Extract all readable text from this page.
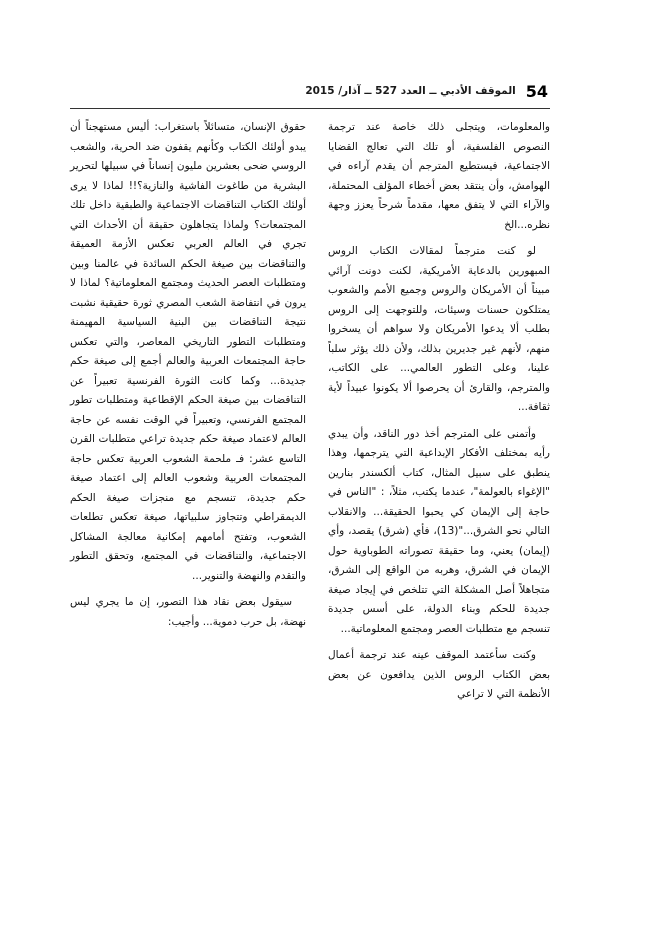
الموقف الأدبي ــ العدد 527 ــ آذار/ 2015 54

والمعلومات، ويتجلى ذلك خاصة عند ترجمة النصوص الفلسفية، أو تلك التي تعالج القضايا الاجتماعية، فيستطيع المترجم أن يقدم آراءه في الهوامش، وأن ينتقد بعض أخطاء المؤلف المحتملة، والآراء التي لا يتفق معها، مقدماً شرحاً يعزز وجهة نظره...الخ

لو كنت مترجماً لمقالات الكتاب الروس المبهورين بالدعاية الأمريكية، لكنت دونت آرائي مبيناً أن الأمريكان والروس وجميع الأمم والشعوب يمتلكون حسنات وسيئات، وللتوجهت إلى الروس بطلب ألا يدعوا الأمريكان ولا سواهم أن يسخروا منهم، لأنهم غير جديرين بذلك، ولأن ذلك يؤثر سلباً علينا، وعلى التطور العالمي... على الكاتب، والمترجم، والقارئ أن يحرصوا ألا يكونوا عبيداً لأية ثقافة...

وأتمنى على المترجم أخذ دور الناقد، وأن يبدي رأيه بمختلف الأفكار الإبداعية التي يترجمها، وهذا ينطبق على سبيل المثال، كتاب ألكسندر بنارين "الإغواء بالعولمة"، عندما يكتب، مثلاً، : "الناس في حاجة إلى الإيمان كي يحبوا الحقيقة... والانقلاب التالي نحو الشرق..."(13)، فأي (شرق) يقصد، وأي (إيمان) يعني، وما حقيقة تصوراته الطوباوية حول الإيمان في الشرق، وهربه من الواقع إلى الشرق، متجاهلاً أصل المشكلة التي تتلخص في إيجاد صيغة جديدة للحكم وبناء الدولة، على أسس جديدة تنسجم مع متطلبات العصر ومجتمع المعلوماتية...

وكنت سأعتمد الموقف عينه عند ترجمة أعمال بعض الكتاب الروس الذين يدافعون عن بعض الأنظمة التي لا تراعي

حقوق الإنسان، متسائلاً باستغراب: أليس مستهجناً أن يبدو أولئك الكتاب وكأنهم يقفون ضد الحرية، والشعب الروسي ضحى بعشرين مليون إنساناً في سبيلها لتحرير البشرية من طاغوت الفاشية والنازية؟!! لماذا لا يرى أولئك الكتاب التناقضات الاجتماعية والطبقية داخل تلك المجتمعات؟ ولماذا يتجاهلون حقيقة أن الأحداث التي تجري في العالم العربي تعكس الأزمة العميقة والتناقضات بين صيغة الحكم السائدة في عالمنا وبين ومتطلبات العصر الحديث ومجتمع المعلوماتية؟ لماذا لا يرون في انتفاضة الشعب المصري ثورة حقيقية نشبت نتيجة التناقضات بين البنية السياسية المهيمنة ومتطلبات التطور التاريخي المعاصر، والتي تعكس حاجة المجتمعات العربية والعالم أجمع إلى صيغة حكم جديدة... وكما كانت الثورة الفرنسية تعبيراً عن التناقضات بين صيغة الحكم الإقطاعية ومتطلبات تطور المجتمع الفرنسي، وتعبيراً في الوقت نفسه عن حاجة العالم لاعتماد صيغة حكم جديدة تراعي متطلبات القرن التاسع عشر: فـ ملحمة الشعوب العربية تعكس حاجة المجتمعات العربية وشعوب العالم إلى اعتماد صيغة حكم جديدة، تنسجم مع منجزات صيغة الحكم الديمقراطي وتتجاوز سلبياتها، صيغة تعكس تطلعات الشعوب، وتفتح أمامهم إمكانية معالجة المشاكل الاجتماعية، والتناقضات في المجتمع، وتحقق التطور والتقدم والنهضة والتنوير...

سيقول بعض نقاد هذا التصور، إن ما يجري ليس نهضة، بل حرب دموية... وأجيب:
